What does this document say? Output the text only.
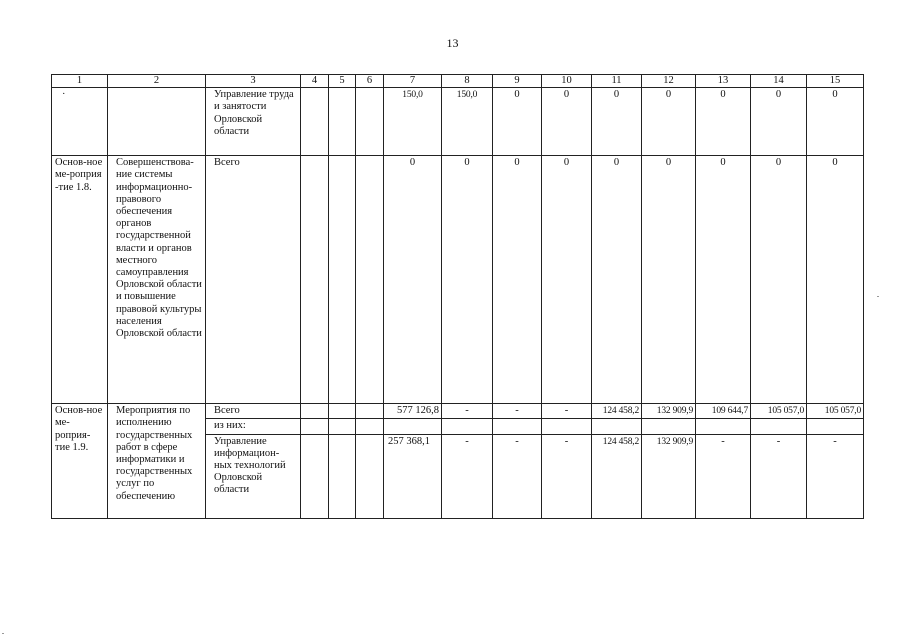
13
1	2	3	4	5	6	7	8	9	10	11	12	13	14	15
·		Управление труда и занятости Орловской области				150,0	150,0	0	0	0	0	0	0	0
Основ-ное ме-роприя-тие 1.8.	Совершенствова-ние системы информационно-правового обеспечения органов государственной власти и органов местного самоуправления Орловской области и повышение правовой культуры населения Орловской области	Всего				0	0	0	0	0	0	0	0	0
Основ-ное ме-роприя-тие 1.9.	Мероприятия по исполнению государственных работ в сфере информатики и государственных услуг по обеспечению	Всего				577 126,8	-	-	-	124 458,2	132 909,9	109 644,7	105 057,0	105 057,0
		из них:												
		Управление информацион-ных технологий Орловской области				257 368,1	-	-	-	124 458,2	132 909,9	-	-	-
